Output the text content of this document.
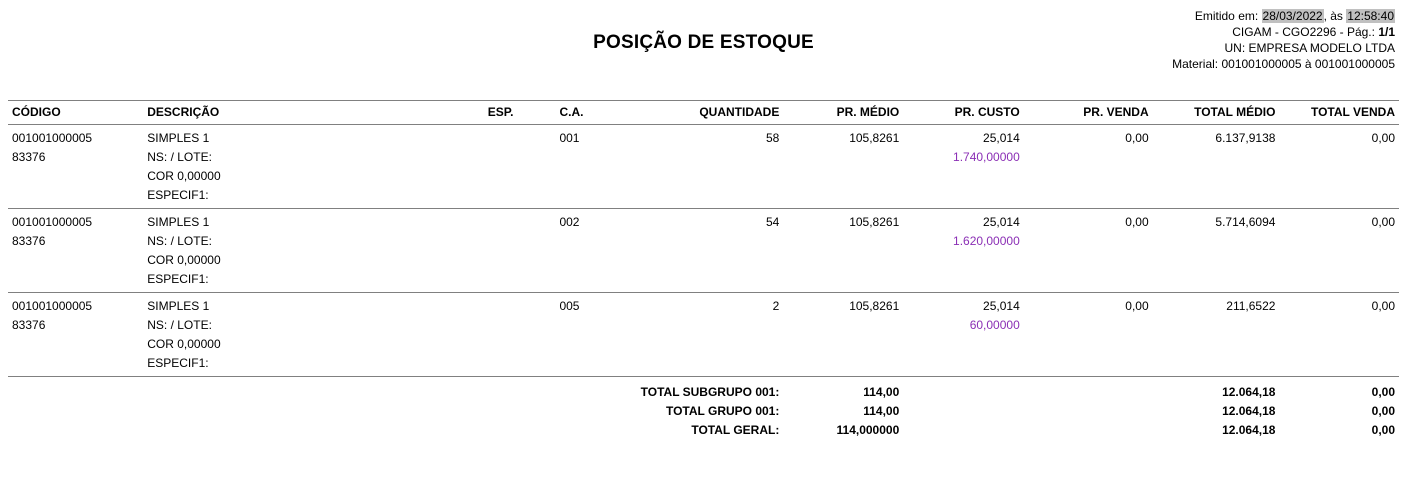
Emitido em: 28/03/2022, às 12:58:40
CIGAM - CGO2296 - Pág.: 1/1
UN: EMPRESA MODELO LTDA
Material: 001001000005 à 001001000005
POSIÇÃO DE ESTOQUE
CÓDIGO	DESCRIÇÃO	ESP.	C.A.	QUANTIDADE	PR. MÉDIO	PR. CUSTO	PR. VENDA	TOTAL MÉDIO	TOTAL VENDA
001001000005	SIMPLES 1		001	58	105,8261	25,014	0,00	6.137,9138	0,00
83376	NS: / LOTE:					1.740,00000			
	COR 0,00000								
	ESPECIF1:								
001001000005	SIMPLES 1		002	54	105,8261	25,014	0,00	5.714,6094	0,00
83376	NS: / LOTE:					1.620,00000			
	COR 0,00000								
	ESPECIF1:								
001001000005	SIMPLES 1		005	2	105,8261	25,014	0,00	211,6522	0,00
83376	NS: / LOTE:					60,00000			
	COR 0,00000								
	ESPECIF1:								

				TOTAL SUBGRUPO 001:	114,00			12.064,18	0,00
				TOTAL GRUPO 001:	114,00			12.064,18	0,00
				TOTAL GERAL:	114,000000			12.064,18	0,00
